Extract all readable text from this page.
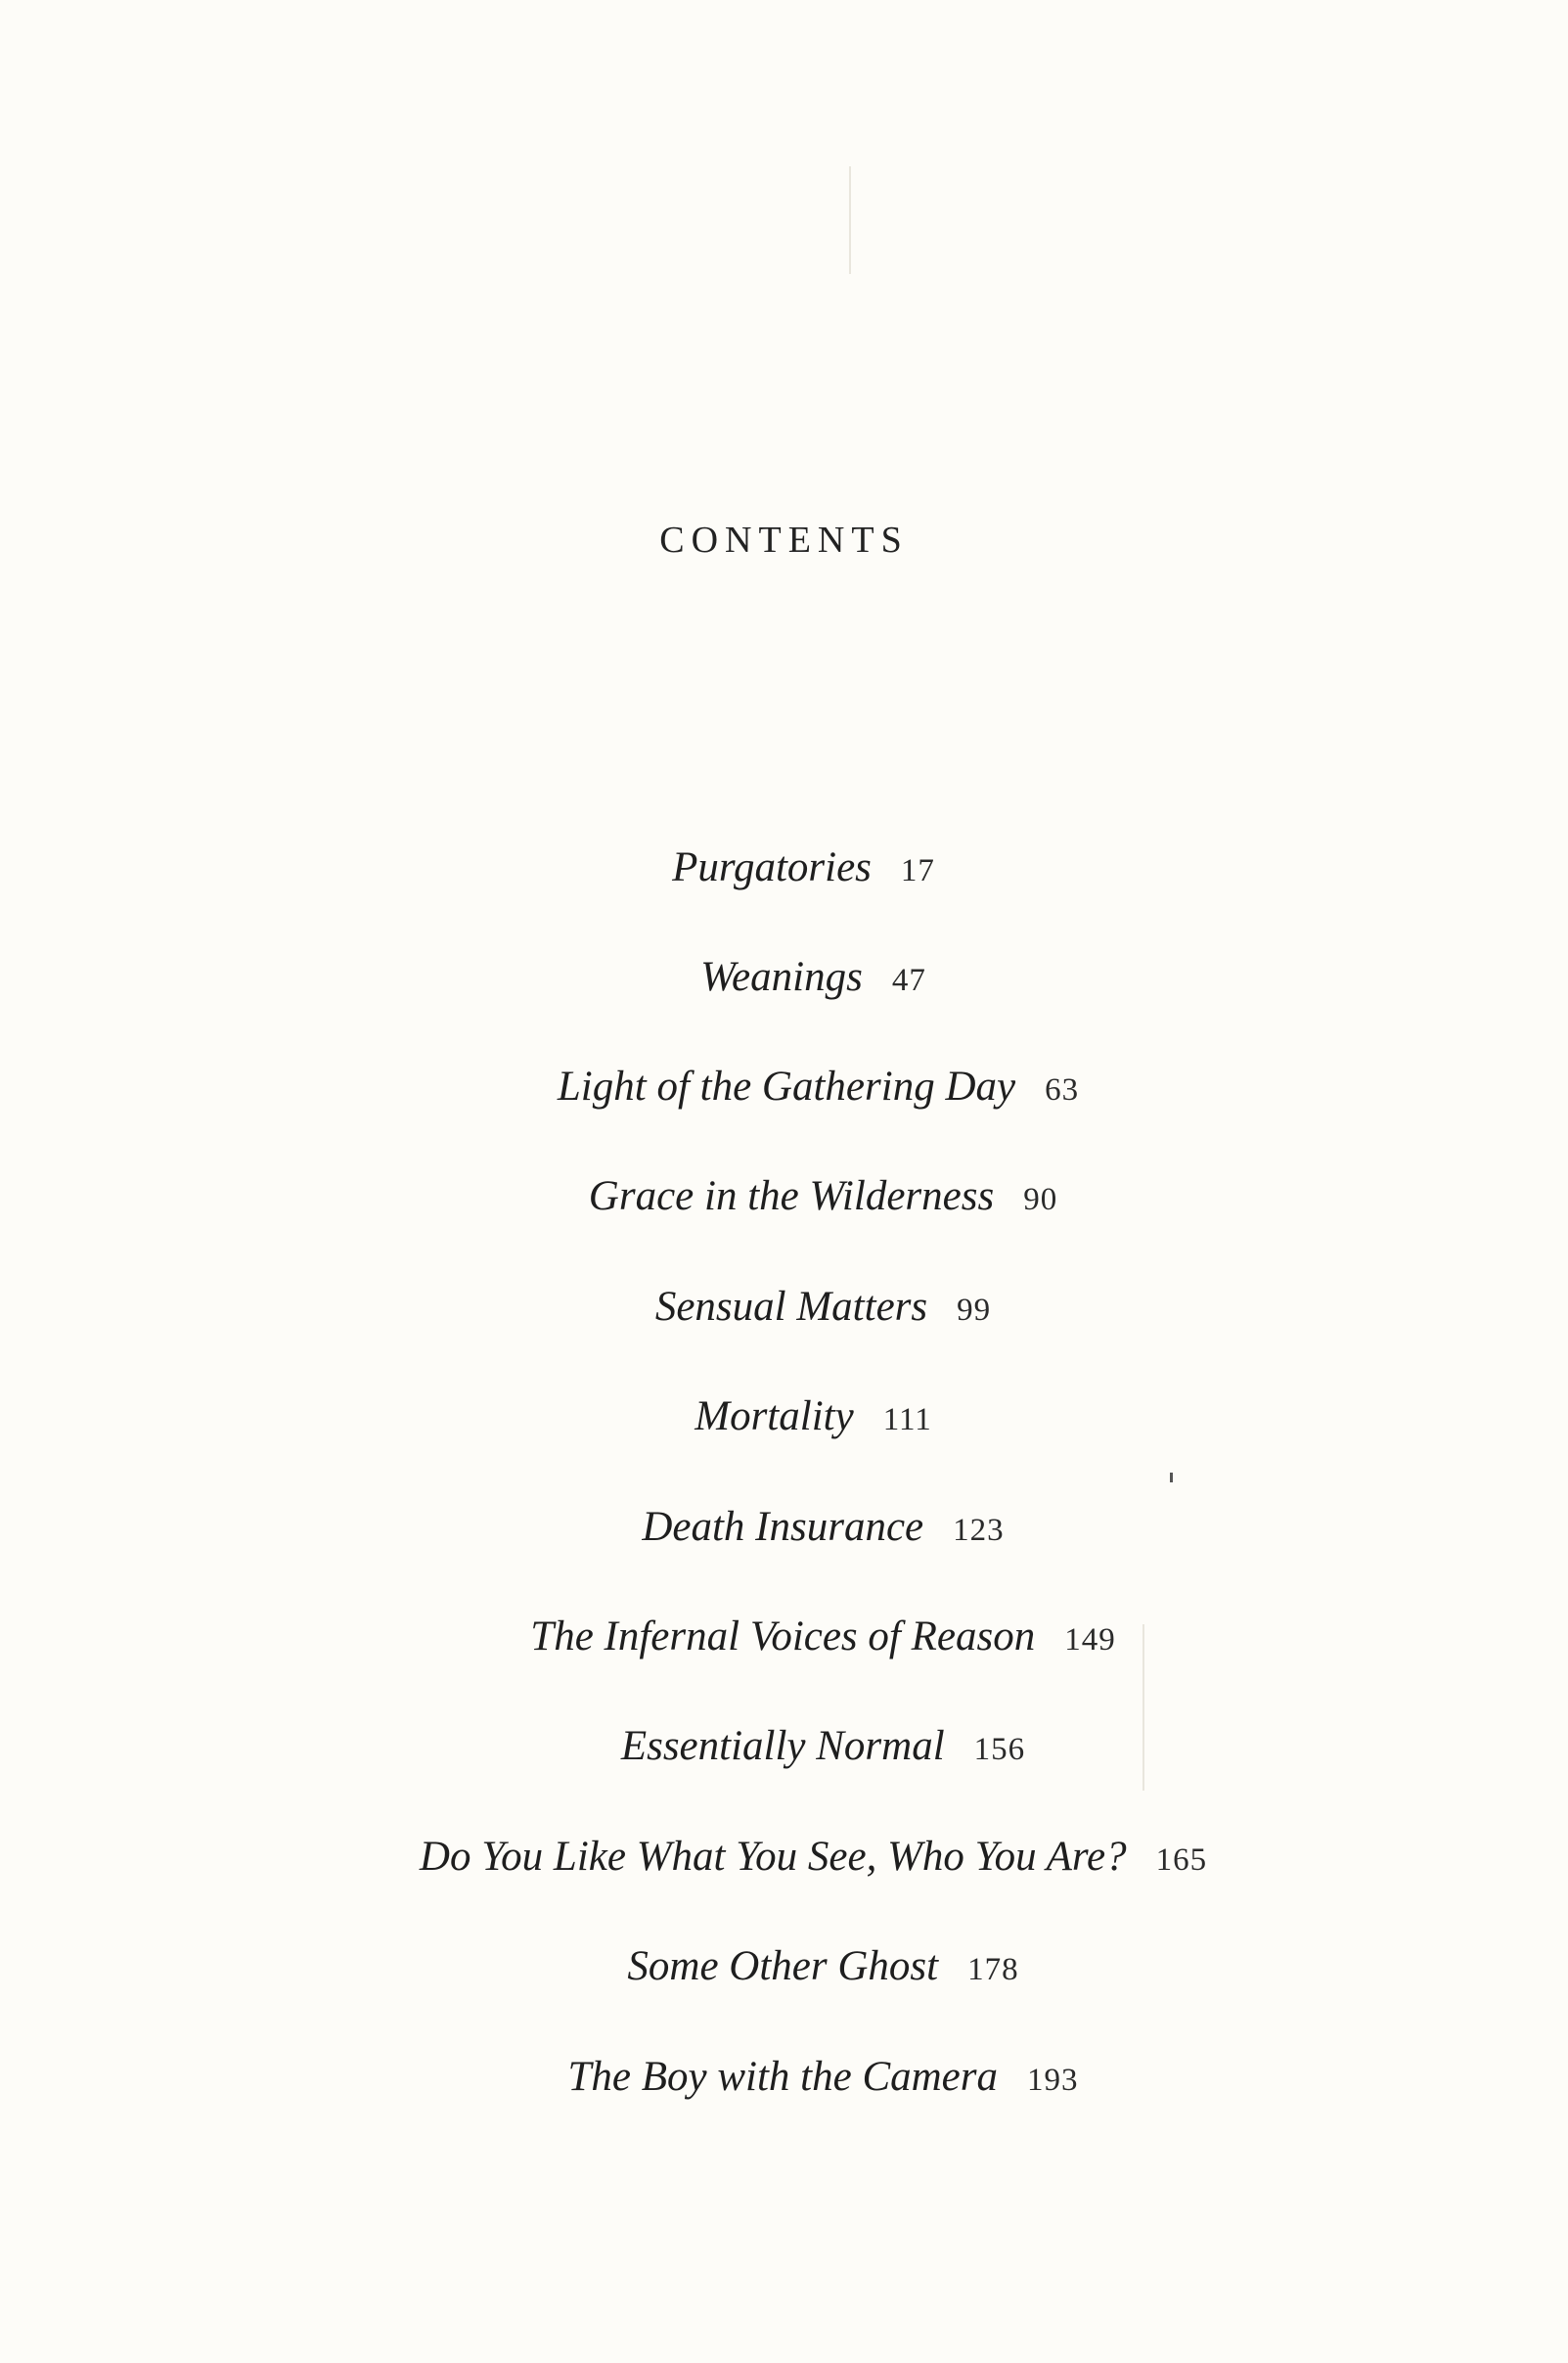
CONTENTS
Purgatories 17
Weanings 47
Light of the Gathering Day 63
Grace in the Wilderness 90
Sensual Matters 99
Mortality 111
Death Insurance 123
The Infernal Voices of Reason 149
Essentially Normal 156
Do You Like What You See, Who You Are? 165
Some Other Ghost 178
The Boy with the Camera 193
